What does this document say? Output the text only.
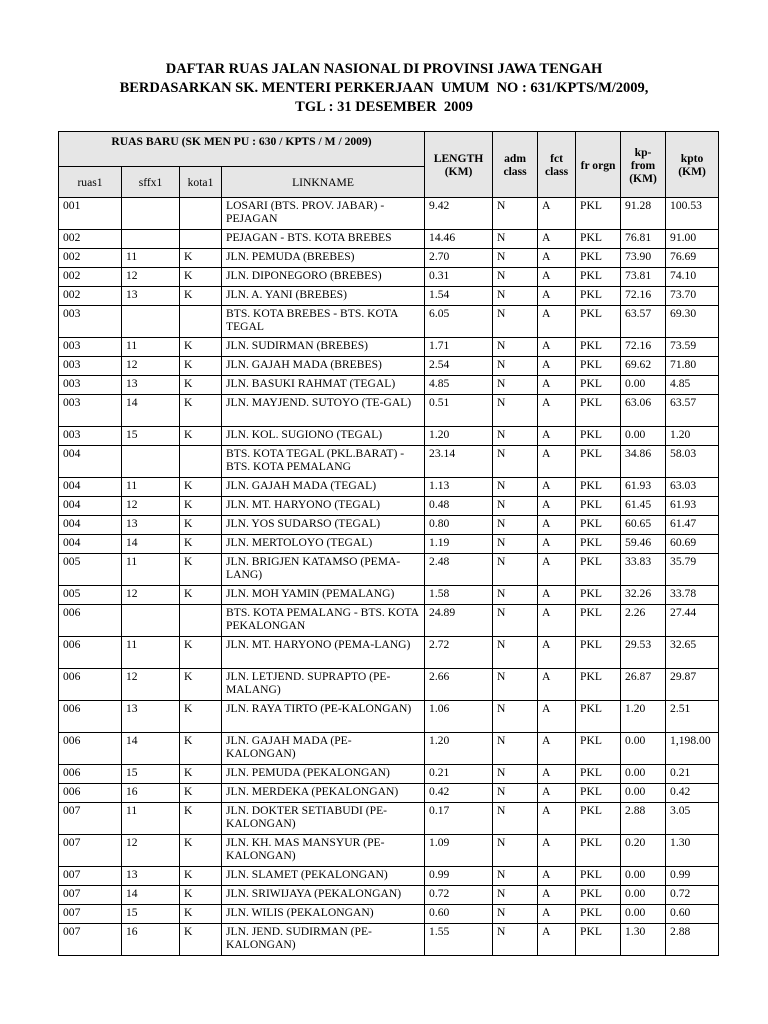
DAFTAR RUAS JALAN NASIONAL DI PROVINSI JAWA TENGAH
BERDASARKAN SK. MENTERI PERKERJAAN  UMUM  NO : 631/KPTS/M/2009,
TGL : 31 DESEMBER  2009
RUAS BARU (SK MEN PU : 630 / KPTS / M / 2009)				LENGTH (KM)	adm class	fct class	fr orgn	kp- from (KM)	kpto (KM)
ruas1	sffx1	kota1	LINKNAME						
001			LOSARI (BTS. PROV. JABAR) - PEJAGAN	9.42	N	A	PKL	91.28	100.53
002			PEJAGAN - BTS. KOTA BREBES	14.46	N	A	PKL	76.81	91.00
002	11	K	JLN. PEMUDA (BREBES)	2.70	N	A	PKL	73.90	76.69
002	12	K	JLN. DIPONEGORO (BREBES)	0.31	N	A	PKL	73.81	74.10
002	13	K	JLN. A. YANI (BREBES)	1.54	N	A	PKL	72.16	73.70
003			BTS. KOTA BREBES - BTS. KOTA TEGAL	6.05	N	A	PKL	63.57	69.30
003	11	K	JLN. SUDIRMAN (BREBES)	1.71	N	A	PKL	72.16	73.59
003	12	K	JLN. GAJAH MADA (BREBES)	2.54	N	A	PKL	69.62	71.80
003	13	K	JLN. BASUKI RAHMAT (TEGAL)	4.85	N	A	PKL	0.00	4.85
003	14	K	JLN. MAYJEND. SUTOYO (TE-GAL)	0.51	N	A	PKL	63.06	63.57
003	15	K	JLN. KOL. SUGIONO (TEGAL)	1.20	N	A	PKL	0.00	1.20
004			BTS. KOTA TEGAL (PKL.BARAT) - BTS. KOTA PEMALANG	23.14	N	A	PKL	34.86	58.03
004	11	K	JLN. GAJAH MADA (TEGAL)	1.13	N	A	PKL	61.93	63.03
004	12	K	JLN. MT. HARYONO (TEGAL)	0.48	N	A	PKL	61.45	61.93
004	13	K	JLN. YOS SUDARSO (TEGAL)	0.80	N	A	PKL	60.65	61.47
004	14	K	JLN. MERTOLOYO (TEGAL)	1.19	N	A	PKL	59.46	60.69
005	11	K	JLN. BRIGJEN KATAMSO (PEMA-LANG)	2.48	N	A	PKL	33.83	35.79
005	12	K	JLN. MOH YAMIN (PEMALANG)	1.58	N	A	PKL	32.26	33.78
006			BTS. KOTA PEMALANG - BTS. KOTA PEKALONGAN	24.89	N	A	PKL	2.26	27.44
006	11	K	JLN. MT. HARYONO (PEMA-LANG)	2.72	N	A	PKL	29.53	32.65
006	12	K	JLN. LETJEND. SUPRAPTO (PE-MALANG)	2.66	N	A	PKL	26.87	29.87
006	13	K	JLN. RAYA TIRTO (PE-KALONGAN)	1.06	N	A	PKL	1.20	2.51
006	14	K	JLN. GAJAH MADA (PE-KALONGAN)	1.20	N	A	PKL	0.00	1,198.00
006	15	K	JLN. PEMUDA (PEKALONGAN)	0.21	N	A	PKL	0.00	0.21
006	16	K	JLN. MERDEKA (PEKALONGAN)	0.42	N	A	PKL	0.00	0.42
007	11	K	JLN. DOKTER SETIABUDI (PE-KALONGAN)	0.17	N	A	PKL	2.88	3.05
007	12	K	JLN. KH. MAS MANSYUR (PE-KALONGAN)	1.09	N	A	PKL	0.20	1.30
007	13	K	JLN. SLAMET (PEKALONGAN)	0.99	N	A	PKL	0.00	0.99
007	14	K	JLN. SRIWIJAYA (PEKALONGAN)	0.72	N	A	PKL	0.00	0.72
007	15	K	JLN. WILIS (PEKALONGAN)	0.60	N	A	PKL	0.00	0.60
007	16	K	JLN. JEND. SUDIRMAN (PE-KALONGAN)	1.55	N	A	PKL	1.30	2.88
